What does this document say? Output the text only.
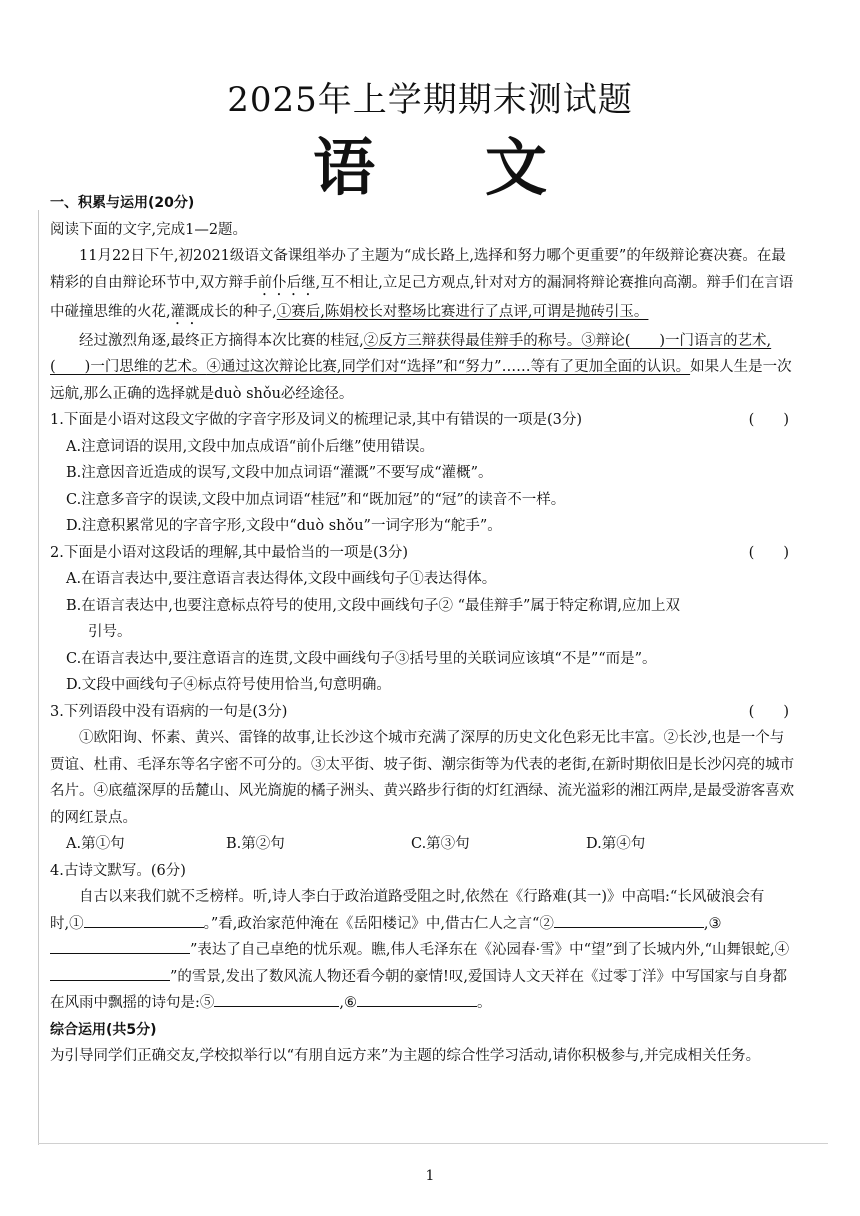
2025年上学期期末测试题
语文

一、积累与运用(20分)

阅读下面的文字,完成1—2题。

11月22日下午,初2021级语文备课组举办了主题为“成长路上,选择和努力哪个更重要”的年级辩论赛决赛。在最精彩的自由辩论环节中,双方辩手前仆后继,互不相让,立足己方观点,针对对方的漏洞将辩论赛推向高潮。辩手们在言语中碰撞思维的火花,灌溉成长的种子,①赛后,陈娟校长对整场比赛进行了点评,可谓是抛砖引玉。

经过激烈角逐,最终正方摘得本次比赛的桂冠,②反方三辩获得最佳辩手的称号。③辩论(　　)一门语言的艺术,(　　)一门思维的艺术。④通过这次辩论比赛,同学们对“选择”和“努力”……等有了更加全面的认识。如果人生是一次远航,那么正确的选择就是duò shǒu必经途径。

1.下面是小语对这段文字做的字音字形及词义的梳理记录,其中有错误的一项是(3分)	(　　)

A.注意词语的误用,文段中加点成语“前仆后继”使用错误。

B.注意因音近造成的误写,文段中加点词语“灌溉”不要写成“灌概”。

C.注意多音字的误读,文段中加点词语“桂冠”和“既加冠”的“冠”的读音不一样。

D.注意积累常见的字音字形,文段中“duò shǒu”一词字形为“舵手”。

2.下面是小语对这段话的理解,其中最恰当的一项是(3分)	(　　)

A.在语言表达中,要注意语言表达得体,文段中画线句子①表达得体。

B.在语言表达中,也要注意标点符号的使用,文段中画线句子② “最佳辩手”属于特定称谓,应加上双

引号。

C.在语言表达中,要注意语言的连贯,文段中画线句子③括号里的关联词应该填“不是”“而是”。

D.文段中画线句子④标点符号使用恰当,句意明确。

3.下列语段中没有语病的一句是(3分)	(　　)

①欧阳询、怀素、黄兴、雷锋的故事,让长沙这个城市充满了深厚的历史文化色彩无比丰富。②长沙,也是一个与贾谊、杜甫、毛泽东等名字密不可分的。③太平街、坡子街、潮宗街等为代表的老街,在新时期依旧是长沙闪亮的城市名片。④底蕴深厚的岳麓山、风光旖旎的橘子洲头、黄兴路步行街的灯红酒绿、流光溢彩的湘江两岸,是最受游客喜欢的网红景点。

A.第①句	B.第②句	C.第③句	D.第④句

4.古诗文默写。(6分)

自古以来我们就不乏榜样。听,诗人李白于政治道路受阻之时,依然在《行路难(其一)》中高唱:“长风破浪会有时,①	。”看,政治家范仲淹在《岳阳楼记》中,借古仁人之言“②	,③”表达了自己卓绝的忧乐观。瞧,伟人毛泽东在《沁园春·雪》中“望”到了长城内外,“山舞银蛇,④”的雪景,发出了数风流人物还看今朝的豪情!叹,爱国诗人文天祥在《过零丁洋》中写国家与自身都在风雨中飘摇的诗句是:⑤	,⑥	。

综合运用(共5分)

为引导同学们正确交友,学校拟举行以“有朋自远方来”为主题的综合性学习活动,请你积极参与,并完成相关任务。

1
